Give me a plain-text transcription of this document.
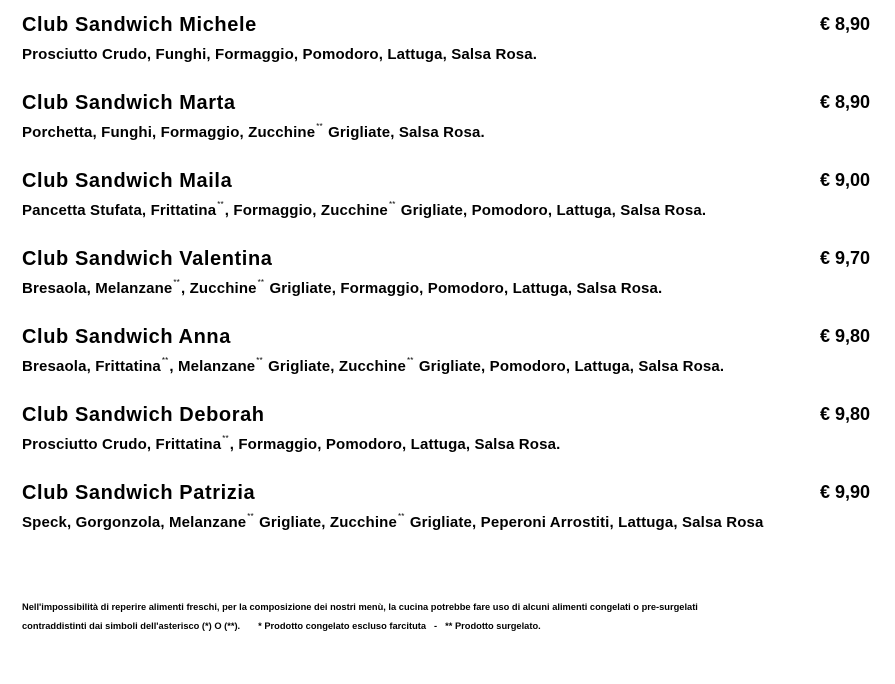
Club Sandwich Michele	€ 8,90
Prosciutto Crudo, Funghi, Formaggio, Pomodoro, Lattuga, Salsa Rosa.
Club Sandwich Marta	€ 8,90
Porchetta, Funghi, Formaggio, Zucchine** Grigliate, Salsa Rosa.
Club Sandwich Maila	€ 9,00
Pancetta Stufata, Frittatina**, Formaggio, Zucchine** Grigliate, Pomodoro, Lattuga, Salsa Rosa.
Club Sandwich Valentina	€ 9,70
Bresaola, Melanzane**, Zucchine** Grigliate, Formaggio, Pomodoro, Lattuga, Salsa Rosa.
Club Sandwich Anna	€ 9,80
Bresaola, Frittatina**, Melanzane** Grigliate, Zucchine** Grigliate, Pomodoro, Lattuga, Salsa Rosa.
Club Sandwich Deborah	€ 9,80
Prosciutto Crudo, Frittatina**, Formaggio, Pomodoro, Lattuga, Salsa Rosa.
Club Sandwich Patrizia	€ 9,90
Speck, Gorgonzola, Melanzane** Grigliate, Zucchine** Grigliate, Peperoni Arrostiti, Lattuga, Salsa Rosa
Nell'impossibilità di reperire alimenti freschi, per la composizione dei nostri menù, la cucina potrebbe fare uso di alcuni alimenti congelati o pre-surgelati
contraddistinti dai simboli dell'asterisco (*) O (**). * Prodotto congelato escluso farcituta - ** Prodotto surgelato.
